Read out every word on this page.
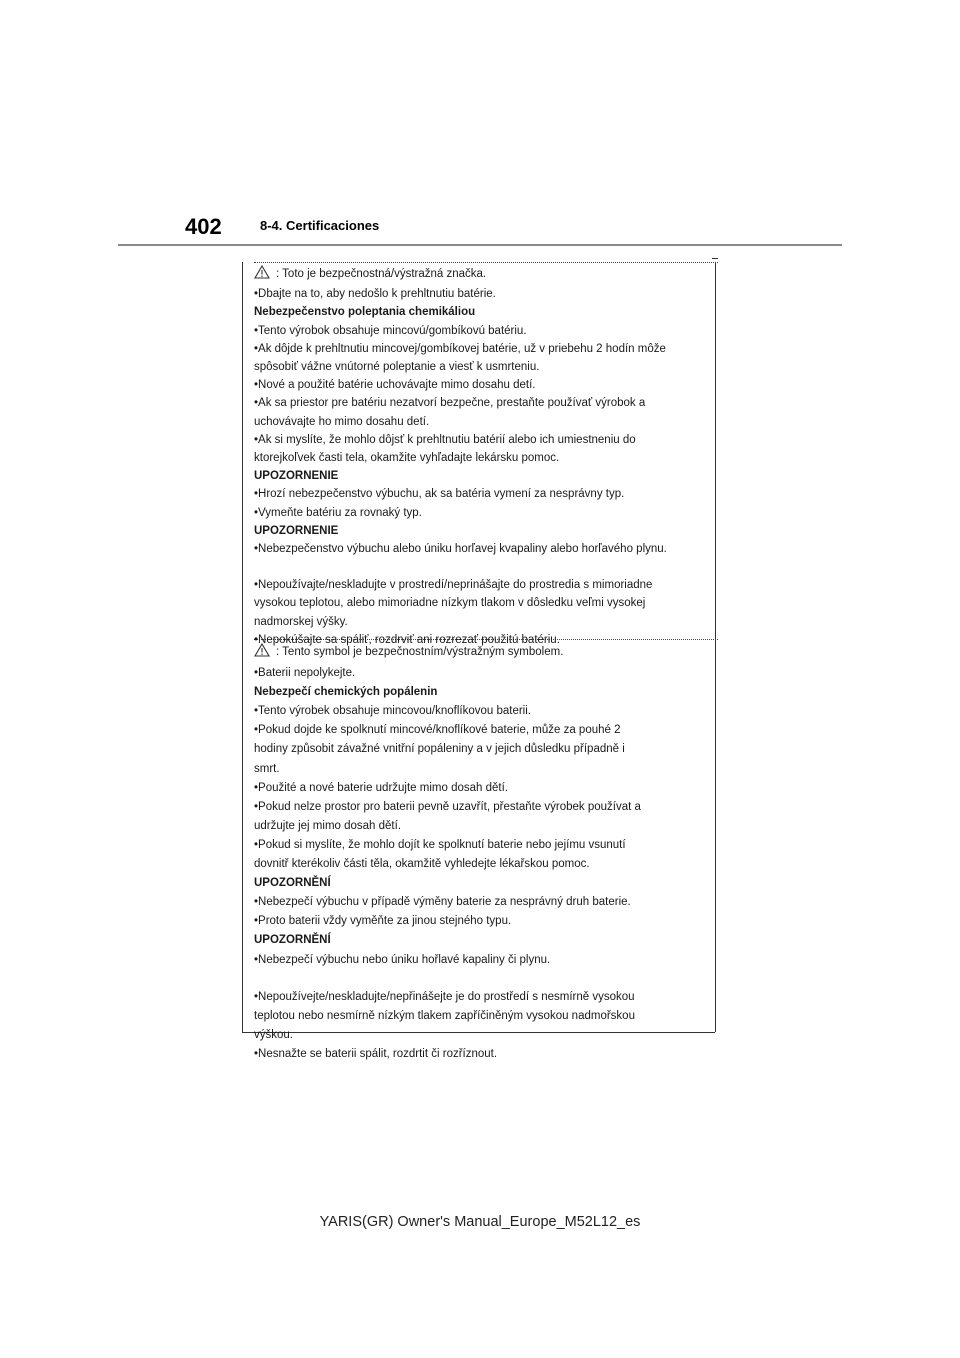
402	8-4. Certificaciones
: Toto je bezpečnostná/výstražná značka.
•Dbajte na to, aby nedošlo k prehltnutiu batérie.
Nebezpečenstvo poleptania chemikáliou
•Tento výrobok obsahuje mincovú/gombíkovú batériu.
•Ak dôjde k prehltnutiu mincovej/gombíkovej batérie, už v priebehu 2 hodín môže
spôsobiť vážne vnútorné poleptanie a viesť k usmrteniu.
•Nové a použité batérie uchovávajte mimo dosahu detí.
•Ak sa priestor pre batériu nezatvorí bezpečne, prestaňte používať výrobok a
uchovávajte ho mimo dosahu detí.
•Ak si myslíte, že mohlo dôjsť k prehltnutiu batérií alebo ich umiestneniu do
ktorejkoľvek časti tela, okamžite vyhľadajte lekársku pomoc.
UPOZORNENIE
•Hrozí nebezpečenstvo výbuchu, ak sa batéria vymení za nesprávny typ.
•Vymeňte batériu za rovnaký typ.
UPOZORNENIE
•Nebezpečenstvo výbuchu alebo úniku horľavej kvapaliny alebo horľavého plynu.
•Nepoužívajte/neskladujte v prostredí/neprinášajte do prostredia s mimoriadne
vysokou teplotou, alebo mimoriadne nízkym tlakom v dôsledku veľmi vysokej
nadmorskej výšky.
•Nepokúšajte sa spáliť, rozdrviť ani rozrezať použitú batériu.
: Tento symbol je bezpečnostním/výstražným symbolem.
•Baterii nepolykejte.
Nebezpečí chemických popálenin
•Tento výrobek obsahuje mincovou/knoflíkovou baterii.
•Pokud dojde ke spolknutí mincové/knoflíkové baterie, může za pouhé 2
hodiny způsobit závažné vnitřní popáleniny a v jejich důsledku případně i
smrt.
•Použité a nové baterie udržujte mimo dosah dětí.
•Pokud nelze prostor pro baterii pevně uzavřít, přestaňte výrobek používat a
udržujte jej mimo dosah dětí.
•Pokud si myslíte, že mohlo dojít ke spolknutí baterie nebo jejímu vsunutí
dovnitř kterékoliv části těla, okamžitě vyhledejte lékařskou pomoc.
UPOZORNĚNÍ
•Nebezpečí výbuchu v případě výměny baterie za nesprávný druh baterie.
•Proto baterii vždy vyměňte za jinou stejného typu.
UPOZORNĚNÍ
•Nebezpečí výbuchu nebo úniku hořlavé kapaliny či plynu.
•Nepoužívejte/neskladujte/nepřinášejte je do prostředí s nesmírně vysokou
teplotou nebo nesmírně nízkým tlakem zapříčiněným vysokou nadmořskou
výškou.
•Nesnažte se baterii spálit, rozdrtit či rozříznout.
YARIS(GR) Owner's Manual_Europe_M52L12_es
